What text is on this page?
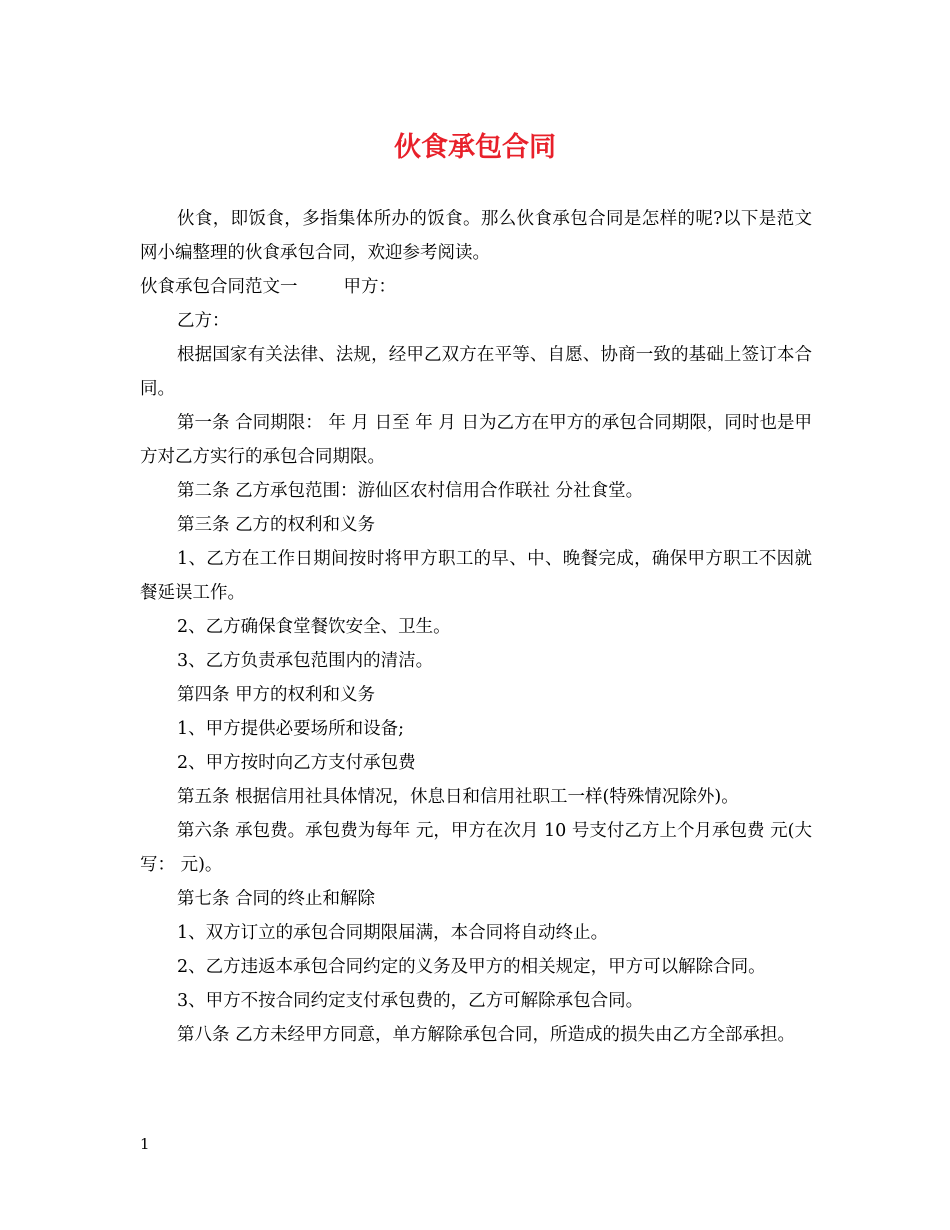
伙食承包合同

伙食，即饭食，多指集体所办的饭食。那么伙食承包合同是怎样的呢?以下是范文网小编整理的伙食承包合同，欢迎参考阅读。

伙食承包合同范文一	甲方：

乙方：

根据国家有关法律、法规，经甲乙双方在平等、自愿、协商一致的基础上签订本合同。

第一条 合同期限： 年 月 日至 年 月 日为乙方在甲方的承包合同期限，同时也是甲方对乙方实行的承包合同期限。

第二条 乙方承包范围：游仙区农村信用合作联社 分社食堂。

第三条 乙方的权利和义务

1、乙方在工作日期间按时将甲方职工的早、中、晚餐完成，确保甲方职工不因就餐延误工作。

2、乙方确保食堂餐饮安全、卫生。

3、乙方负责承包范围内的清洁。

第四条 甲方的权利和义务

1、甲方提供必要场所和设备;

2、甲方按时向乙方支付承包费

第五条 根据信用社具体情况，休息日和信用社职工一样(特殊情况除外)。

第六条 承包费。承包费为每年 元，甲方在次月 10 号支付乙方上个月承包费 元(大写： 元)。

第七条 合同的终止和解除

1、双方订立的承包合同期限届满，本合同将自动终止。

2、乙方违返本承包合同约定的义务及甲方的相关规定，甲方可以解除合同。

3、甲方不按合同约定支付承包费的，乙方可解除承包合同。

第八条 乙方未经甲方同意，单方解除承包合同，所造成的损失由乙方全部承担。

1
